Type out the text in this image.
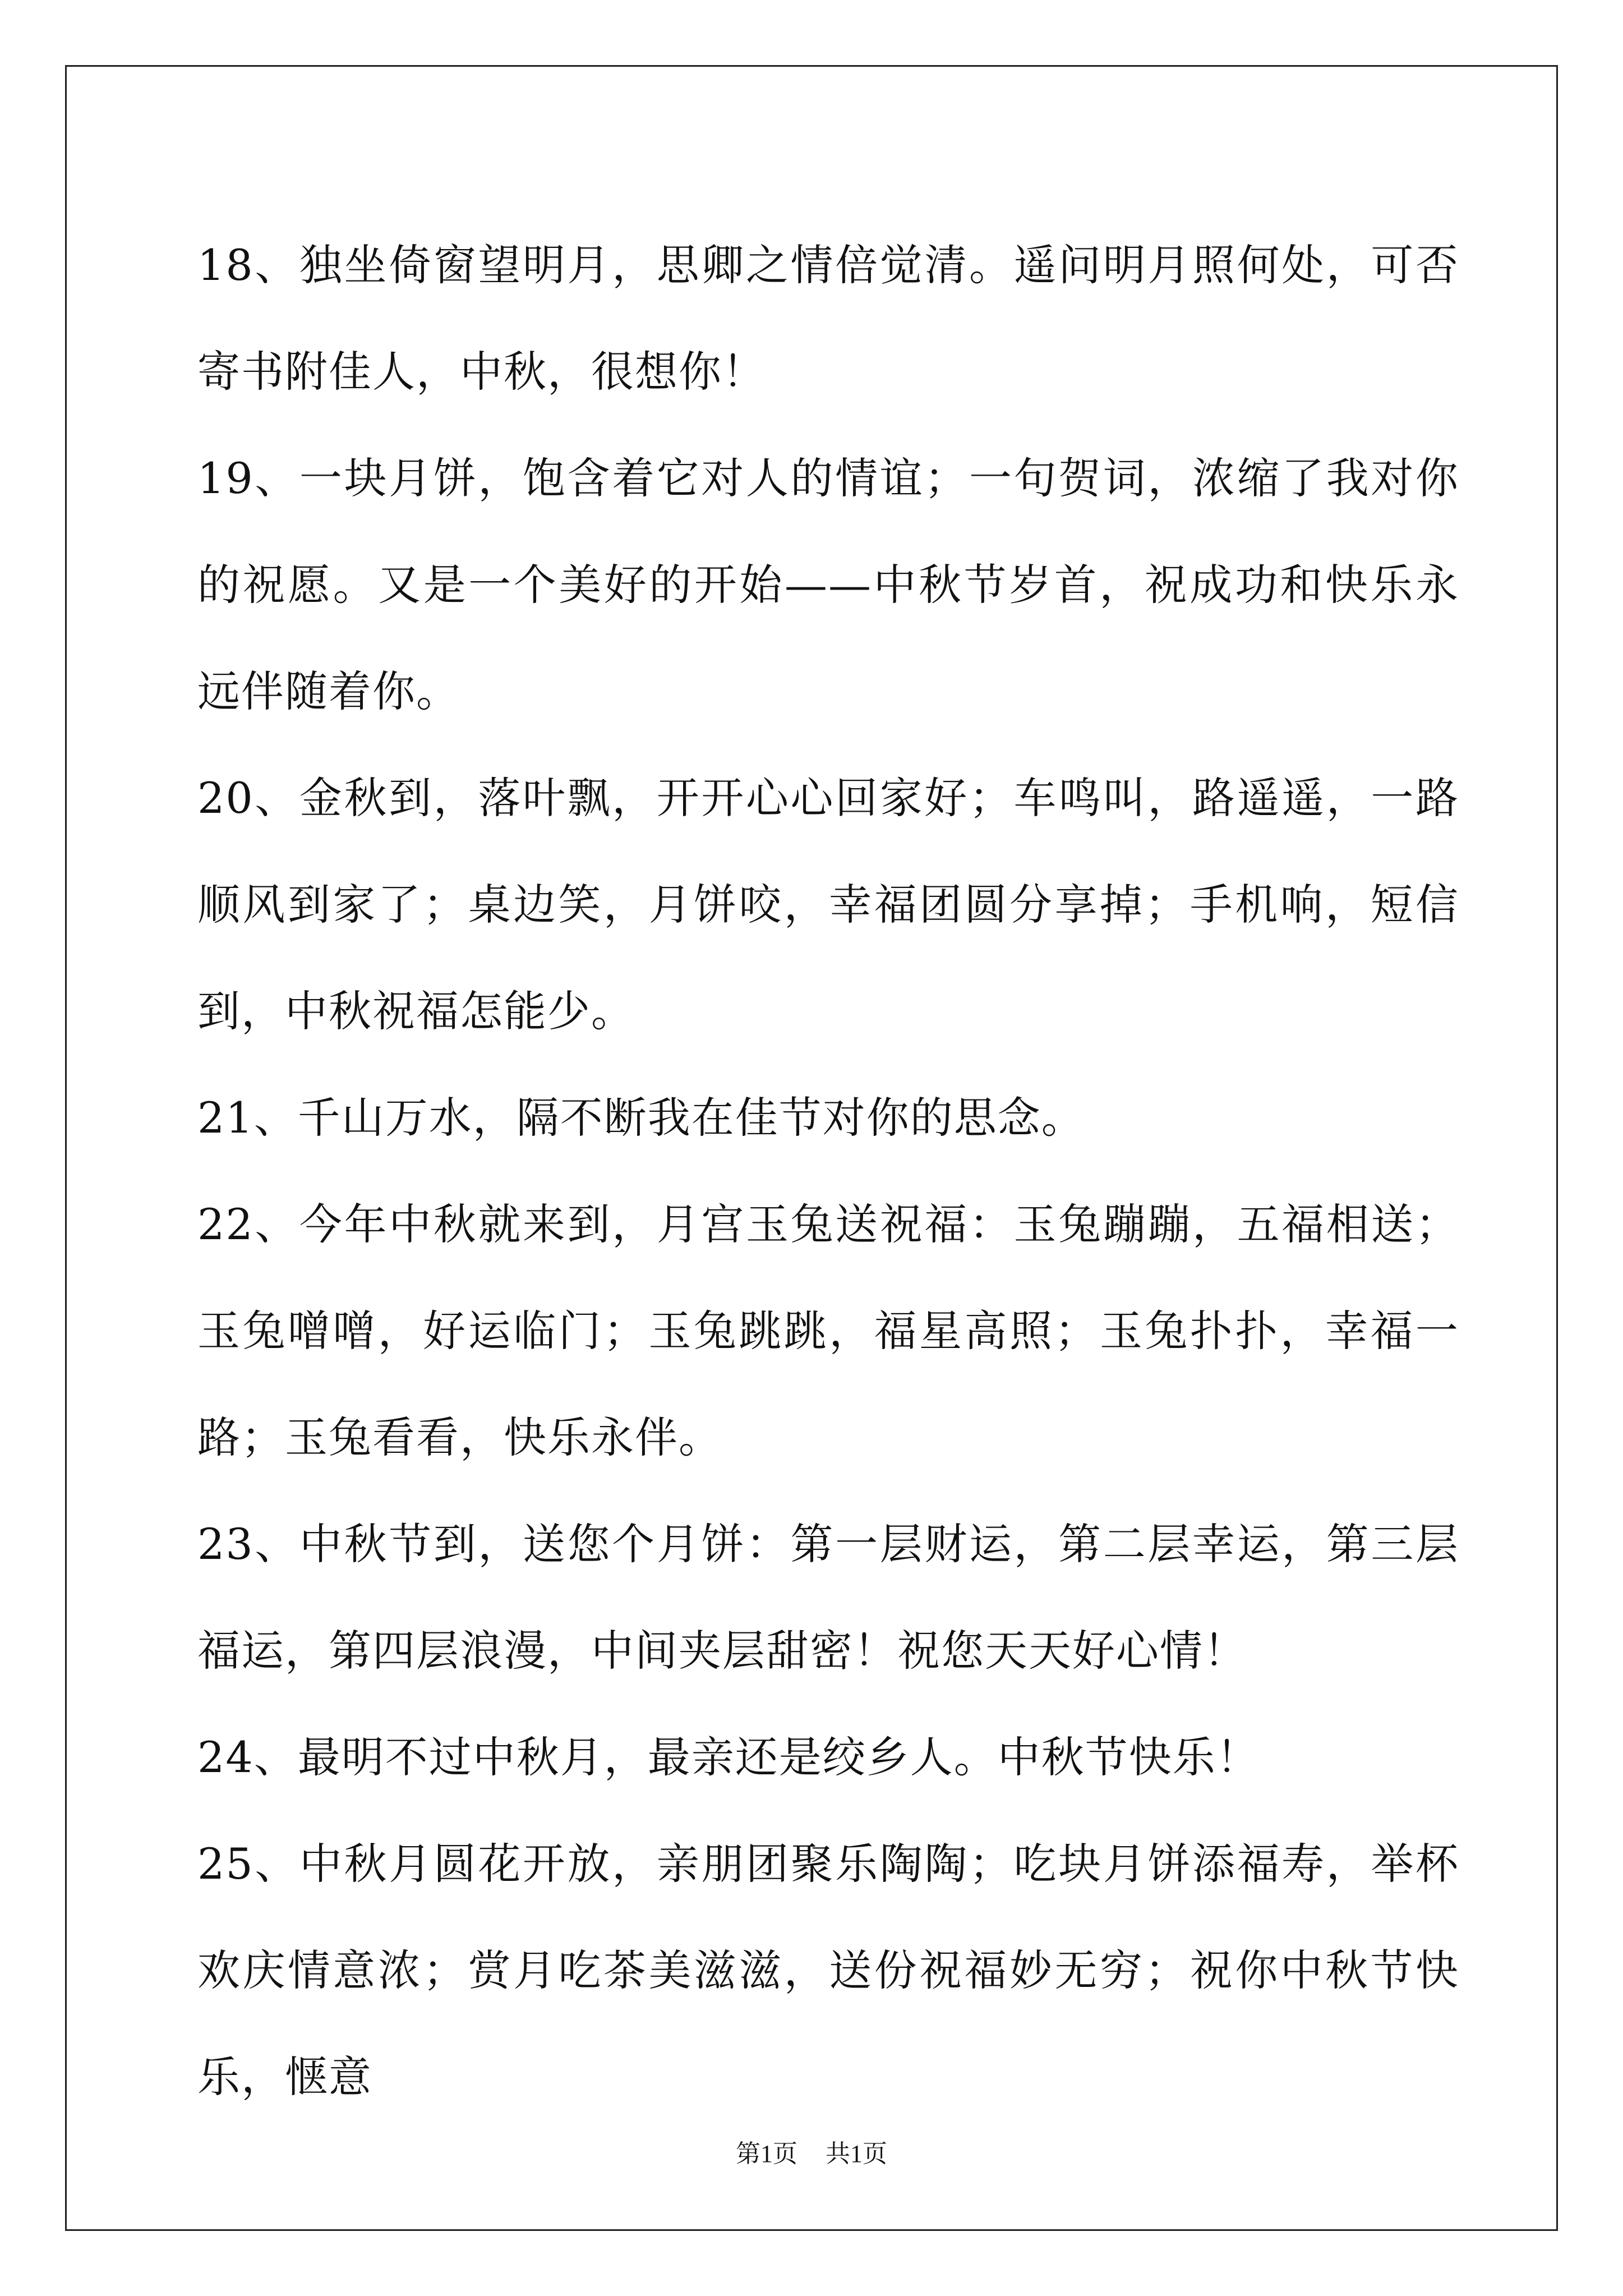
18、独坐倚窗望明月，思卿之情倍觉清。遥问明月照何处，可否寄书附佳人，中秋，很想你！

19、一块月饼，饱含着它对人的情谊；一句贺词，浓缩了我对你的祝愿。又是一个美好的开始——中秋节岁首，祝成功和快乐永远伴随着你。

20、金秋到，落叶飘，开开心心回家好；车鸣叫，路遥遥，一路顺风到家了；桌边笑，月饼咬，幸福团圆分享掉；手机响，短信到，中秋祝福怎能少。

21、千山万水，隔不断我在佳节对你的思念。

22、今年中秋就来到，月宫玉兔送祝福：玉兔蹦蹦，五福相送；玉兔噌噌，好运临门；玉兔跳跳，福星高照；玉兔扑扑，幸福一路；玉兔看看，快乐永伴。

23、中秋节到，送您个月饼：第一层财运，第二层幸运，第三层福运，第四层浪漫，中间夹层甜密！祝您天天好心情！

24、最明不过中秋月，最亲还是绞乡人。中秋节快乐！

25、中秋月圆花开放，亲朋团聚乐陶陶；吃块月饼添福寿，举杯欢庆情意浓；赏月吃茶美滋滋，送份祝福妙无穷；祝你中秋节快乐，惬意

第1页 共1页
